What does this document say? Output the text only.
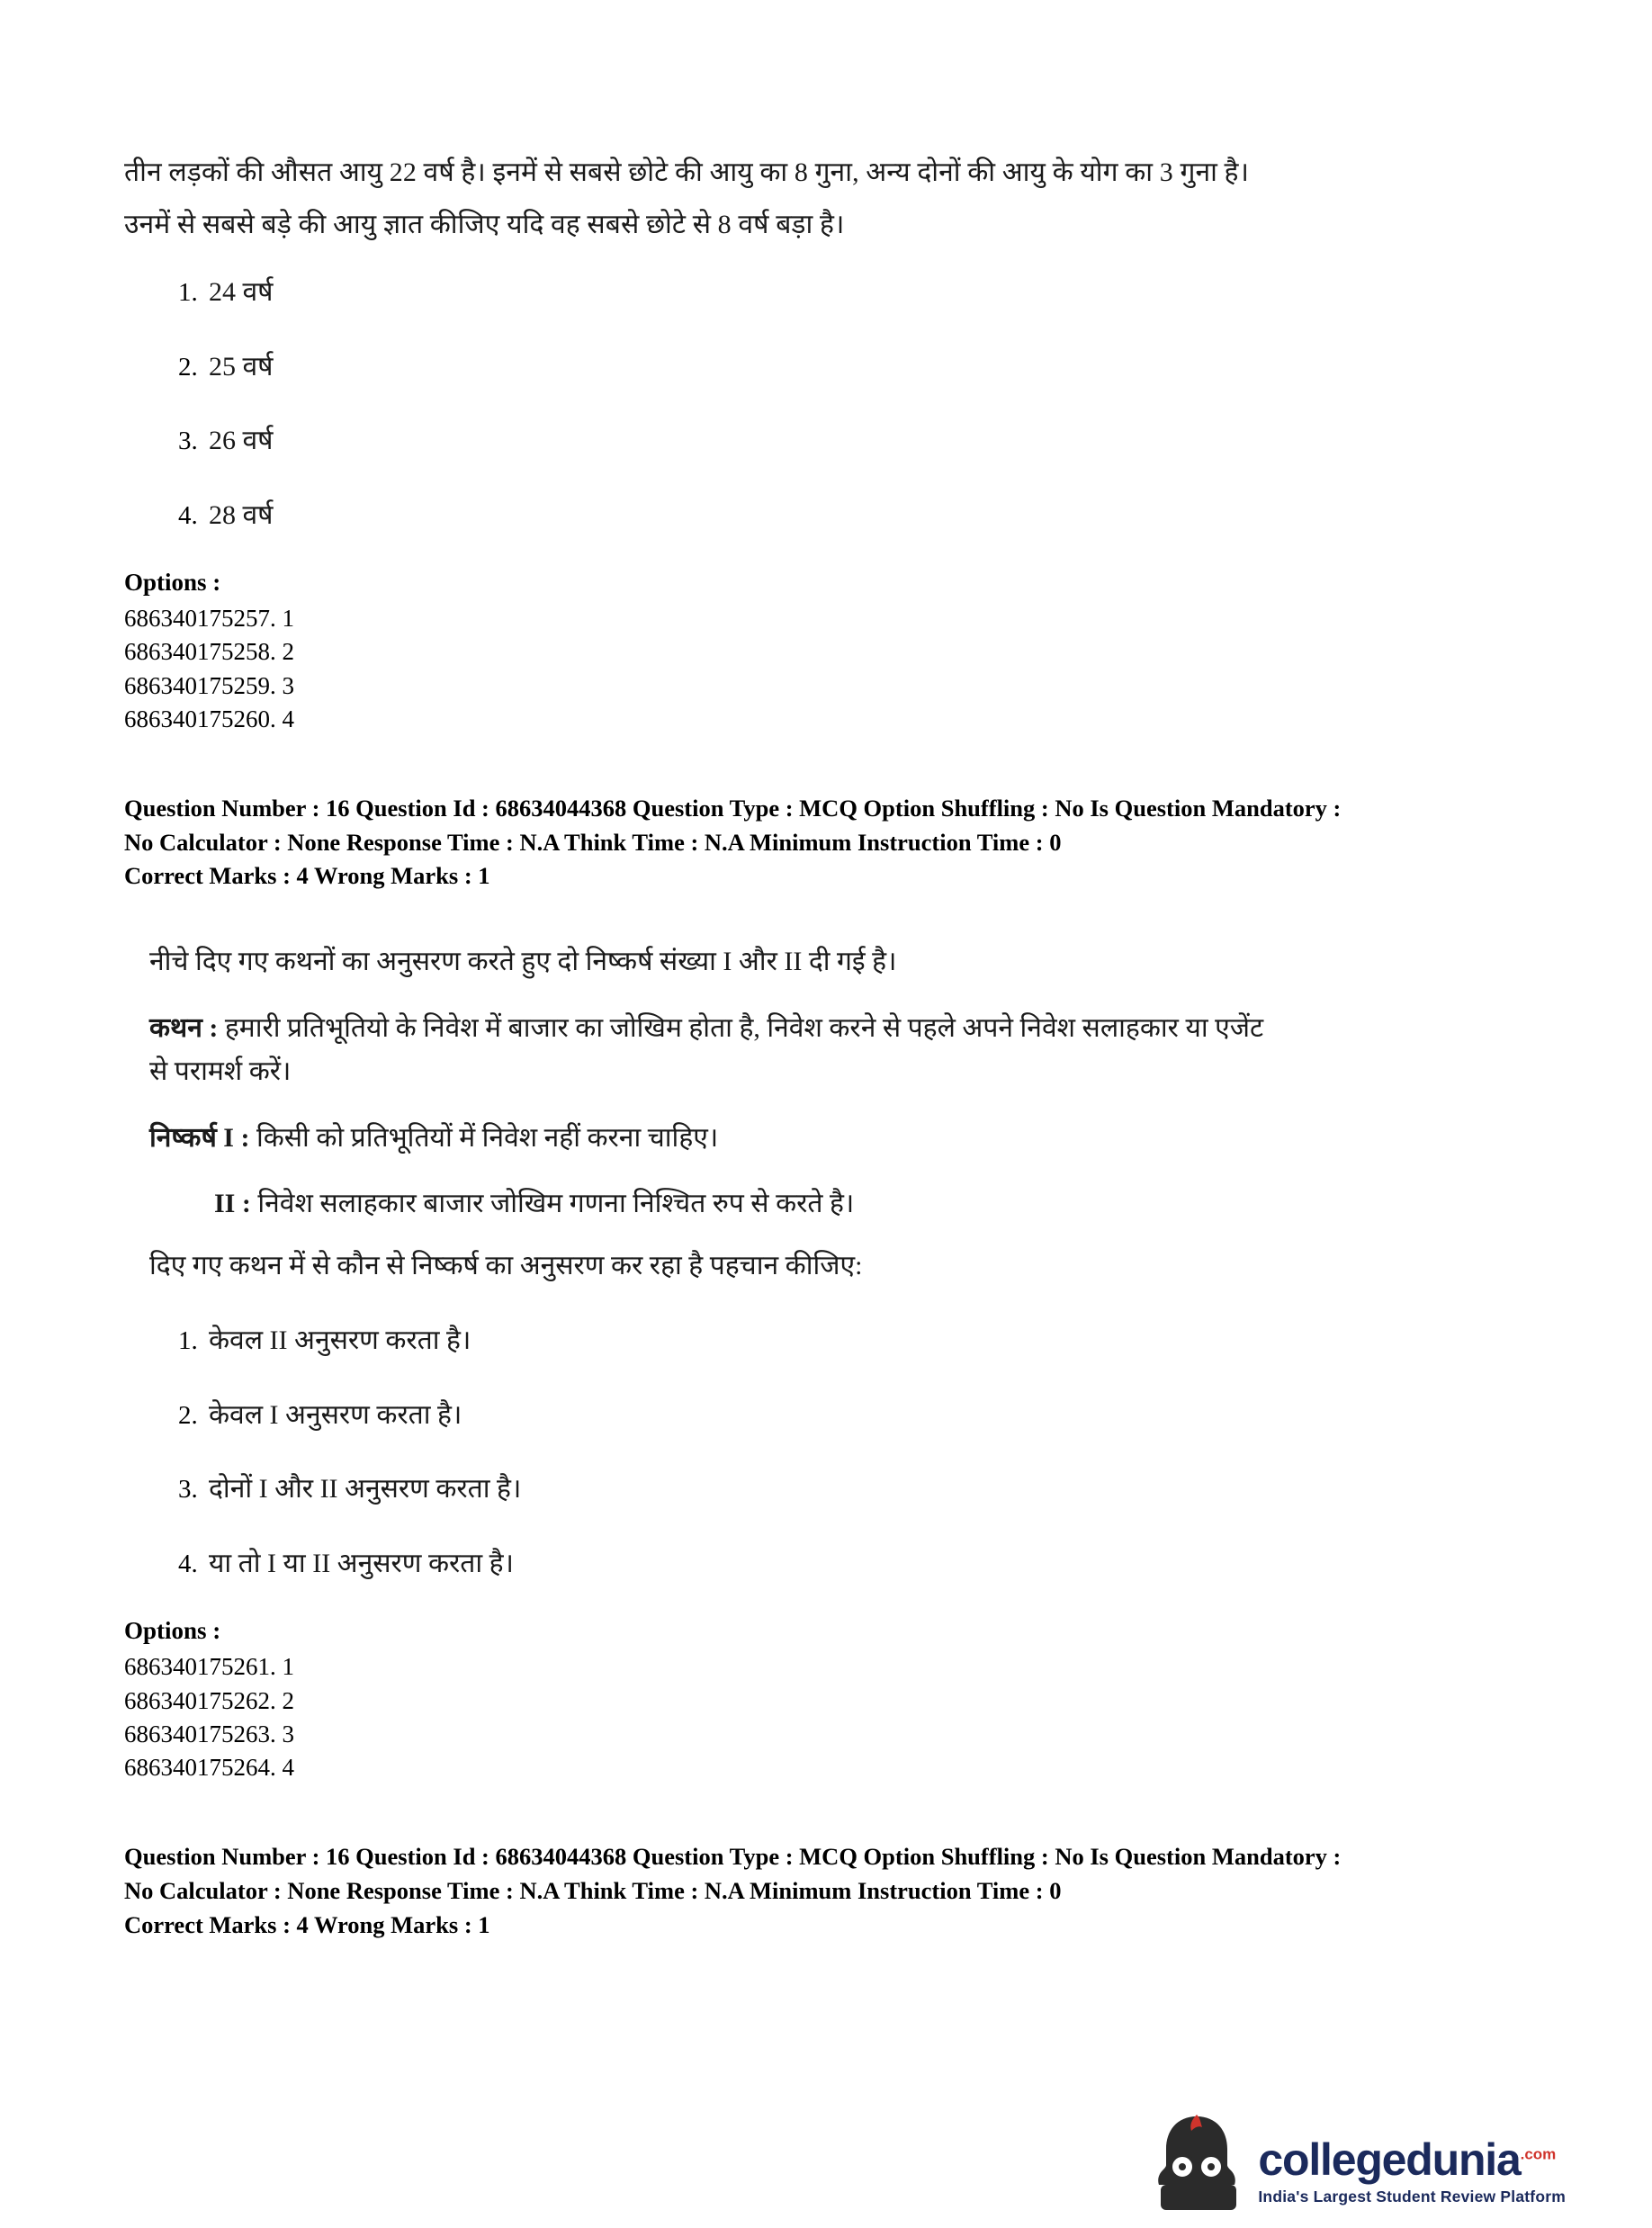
तीन लड़कों की औसत आयु 22 वर्ष है। इनमें से सबसे छोटे की आयु का 8 गुना, अन्य दोनों की आयु के योग का 3 गुना है।

उनमें से सबसे बड़े की आयु ज्ञात कीजिए यदि वह सबसे छोटे से 8 वर्ष बड़ा है।

1. 24 वर्ष
2. 25 वर्ष
3. 26 वर्ष
4. 28 वर्ष

Options :

686340175257. 1

686340175258. 2

686340175259. 3

686340175260. 4

Question Number : 16 Question Id : 68634044368 Question Type : MCQ Option Shuffling : No Is Question Mandatory :

No Calculator : None Response Time : N.A Think Time : N.A Minimum Instruction Time : 0

Correct Marks : 4 Wrong Marks : 1

नीचे दिए गए कथनों का अनुसरण करते हुए दो निष्कर्ष संख्या I और II दी गई है।

कथन : हमारी प्रतिभूतियो के निवेश में बाजार का जोखिम होता है, निवेश करने से पहले अपने निवेश सलाहकार या एजेंट
से परामर्श करें।

निष्कर्ष I : किसी को प्रतिभूतियों में निवेश नहीं करना चाहिए।

II : निवेश सलाहकार बाजार जोखिम गणना निश्चित रुप से करते है।

दिए गए कथन में से कौन से निष्कर्ष का अनुसरण कर रहा है पहचान कीजिए:

1. केवल II अनुसरण करता है।
2. केवल I अनुसरण करता है।
3. दोनों I और II अनुसरण करता है।
4. या तो I या II अनुसरण करता है।

Options :

686340175261. 1

686340175262. 2

686340175263. 3

686340175264. 4

Question Number : 16 Question Id : 68634044368 Question Type : MCQ Option Shuffling : No Is Question Mandatory :

No Calculator : None Response Time : N.A Think Time : N.A Minimum Instruction Time : 0

Correct Marks : 4 Wrong Marks : 1

collegedunia$^{.com}$
India's Largest Student Review Platform
